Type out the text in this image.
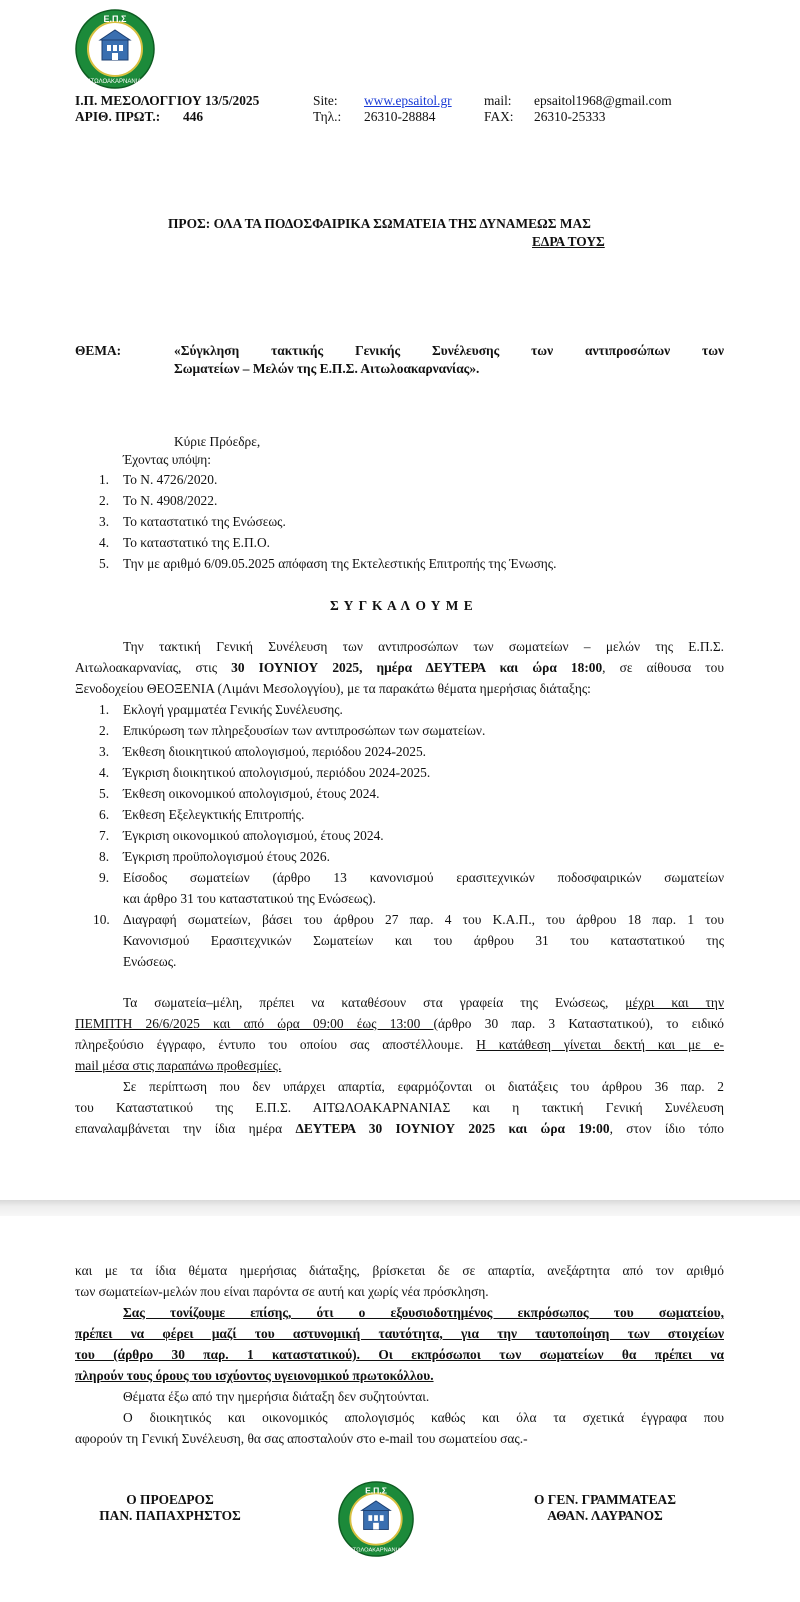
Ε.Π.Σ
ΑΙΤΩΛΟΑΚΑΡΝΑΝΙΑΣ
Ι.Π. ΜΕΣΟΛΟΓΓΙΟΥ 13/5/2025
ΑΡΙΘ. ΠΡΩΤ.: 446
Site: www.epsaitol.gr
Τηλ.: 26310-28884
mail: epsaitol1968@gmail.com
FAX: 26310-25333
ΠΡΟΣ: ΟΛΑ ΤΑ ΠΟΔΟΣΦΑΙΡΙΚΑ ΣΩΜΑΤΕΙΑ ΤΗΣ ΔΥΝΑΜΕΩΣ ΜΑΣ
ΕΔΡΑ ΤΟΥΣ
ΘΕΜΑ:	«Σύγκληση τακτικής Γενικής Συνέλευσης των αντιπροσώπων των
Σωματείων – Μελών της Ε.Π.Σ. Αιτωλοακαρνανίας».
Κύριε Πρόεδρε,
Έχοντας υπόψη:
1. Το Ν. 4726/2020.
2. Το Ν. 4908/2022.
3. Το καταστατικό της Ενώσεως.
4. Το καταστατικό της Ε.Π.Ο.
5. Την με αριθμό 6/09.05.2025 απόφαση της Εκτελεστικής Επιτροπής της Ένωσης.
Σ Υ Γ Κ Α Λ Ο Υ Μ Ε
Την τακτική Γενική Συνέλευση των αντιπροσώπων των σωματείων – μελών της Ε.Π.Σ.
Αιτωλοακαρνανίας, στις 30 ΙΟΥΝΙΟΥ 2025, ημέρα ΔΕΥΤΕΡΑ και ώρα 18:00, σε αίθουσα του
Ξενοδοχείου ΘΕΟΞΕΝΙΑ (Λιμάνι Μεσολογγίου), με τα παρακάτω θέματα ημερήσιας διάταξης:
1. Εκλογή γραμματέα Γενικής Συνέλευσης.
2. Επικύρωση των πληρεξουσίων των αντιπροσώπων των σωματείων.
3. Έκθεση διοικητικού απολογισμού, περιόδου 2024-2025.
4. Έγκριση διοικητικού απολογισμού, περιόδου 2024-2025.
5. Έκθεση οικονομικού απολογισμού, έτους 2024.
6. Έκθεση Εξελεγκτικής Επιτροπής.
7. Έγκριση οικονομικού απολογισμού, έτους 2024.
8. Έγκριση προϋπολογισμού έτους 2026.
9. Είσοδος σωματείων (άρθρο 13 κανονισμού ερασιτεχνικών ποδοσφαιρικών σωματείων
και άρθρο 31 του καταστατικού της Ενώσεως).
10. Διαγραφή σωματείων, βάσει του άρθρου 27 παρ. 4 του Κ.Α.Π., του άρθρου 18 παρ. 1 του
Κανονισμού Ερασιτεχνικών Σωματείων και του άρθρου 31 του καταστατικού της
Ενώσεως.
Τα σωματεία–μέλη, πρέπει να καταθέσουν στα γραφεία της Ενώσεως, μέχρι και την
ΠΕΜΠΤΗ 26/6/2025 και από ώρα 09:00 έως 13:00 (άρθρο 30 παρ. 3 Καταστατικού), το ειδικό
πληρεξούσιο έγγραφο, έντυπο του οποίου σας αποστέλλουμε. Η κατάθεση γίνεται δεκτή και με e-
mail μέσα στις παραπάνω προθεσμίες.
Σε περίπτωση που δεν υπάρχει απαρτία, εφαρμόζονται οι διατάξεις του άρθρου 36 παρ. 2
του Καταστατικού της Ε.Π.Σ. ΑΙΤΩΛΟΑΚΑΡΝΑΝΙΑΣ και η τακτική Γενική Συνέλευση
επαναλαμβάνεται την ίδια ημέρα ΔΕΥΤΕΡΑ 30 ΙΟΥΝΙΟΥ 2025 και ώρα 19:00, στον ίδιο τόπο
και με τα ίδια θέματα ημερήσιας διάταξης, βρίσκεται δε σε απαρτία, ανεξάρτητα από τον αριθμό
των σωματείων-μελών που είναι παρόντα σε αυτή και χωρίς νέα πρόσκληση.
Σας τονίζουμε επίσης, ότι ο εξουσιοδοτημένος εκπρόσωπος του σωματείου,
πρέπει να φέρει μαζί του αστυνομική ταυτότητα, για την ταυτοποίηση των στοιχείων
του (άρθρο 30 παρ. 1 καταστατικού). Οι εκπρόσωποι των σωματείων θα πρέπει να
πληρούν τους όρους του ισχύοντος υγειονομικού πρωτοκόλλου.
Θέματα έξω από την ημερήσια διάταξη δεν συζητούνται.
Ο διοικητικός και οικονομικός απολογισμός καθώς και όλα τα σχετικά έγγραφα που
αφορούν τη Γενική Συνέλευση, θα σας αποσταλούν στο e-mail του σωματείου σας.-
Ο ΠΡΟΕΔΡΟΣ
ΠΑΝ. ΠΑΠΑΧΡΗΣΤΟΣ
Ε.Π.Σ
ΑΙΤΩΛΟΑΚΑΡΝΑΝΙΑΣ
Ο ΓΕΝ. ΓΡΑΜΜΑΤΕΑΣ
ΑΘΑΝ. ΛΑΥΡΑΝΟΣ
